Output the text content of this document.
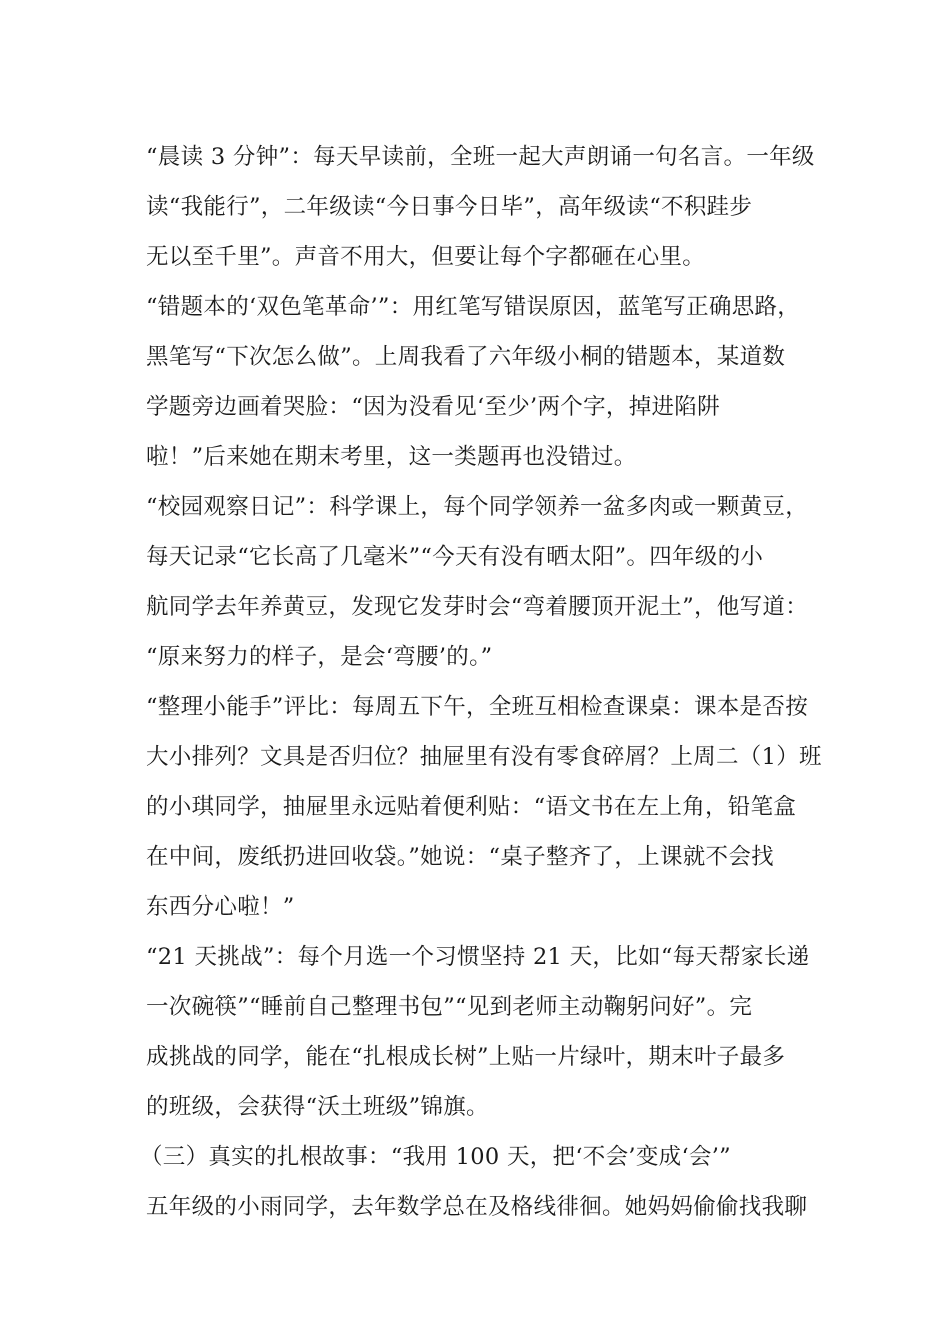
“晨读 3 分钟”：每天早读前，全班一起大声朗诵一句名言。一年级
读“我能行”，二年级读“今日事今日毕”，高年级读“不积跬步
无以至千里”。声音不用大，但要让每个字都砸在心里。
“错题本的‘双色笔革命’”：用红笔写错误原因，蓝笔写正确思路，
黑笔写“下次怎么做”。上周我看了六年级小桐的错题本，某道数
学题旁边画着哭脸：“因为没看见‘至少’两个字，掉进陷阱
啦！”后来她在期末考里，这一类题再也没错过。
“校园观察日记”：科学课上，每个同学领养一盆多肉或一颗黄豆，
每天记录“它长高了几毫米”“今天有没有晒太阳”。四年级的小
航同学去年养黄豆，发现它发芽时会“弯着腰顶开泥土”，他写道：
“原来努力的样子，是会‘弯腰’的。”
“整理小能手”评比：每周五下午，全班互相检查课桌：课本是否按
大小排列？文具是否归位？抽屉里有没有零食碎屑？上周二（1）班
的小琪同学，抽屉里永远贴着便利贴：“语文书在左上角，铅笔盒
在中间，废纸扔进回收袋。”她说：“桌子整齐了，上课就不会找
东西分心啦！”
“21 天挑战”：每个月选一个习惯坚持 21 天，比如“每天帮家长递
一次碗筷”“睡前自己整理书包”“见到老师主动鞠躬问好”。完
成挑战的同学，能在“扎根成长树”上贴一片绿叶，期末叶子最多
的班级，会获得“沃土班级”锦旗。
（三）真实的扎根故事：“我用 100 天，把‘不会’变成‘会’”
五年级的小雨同学，去年数学总在及格线徘徊。她妈妈偷偷找我聊
